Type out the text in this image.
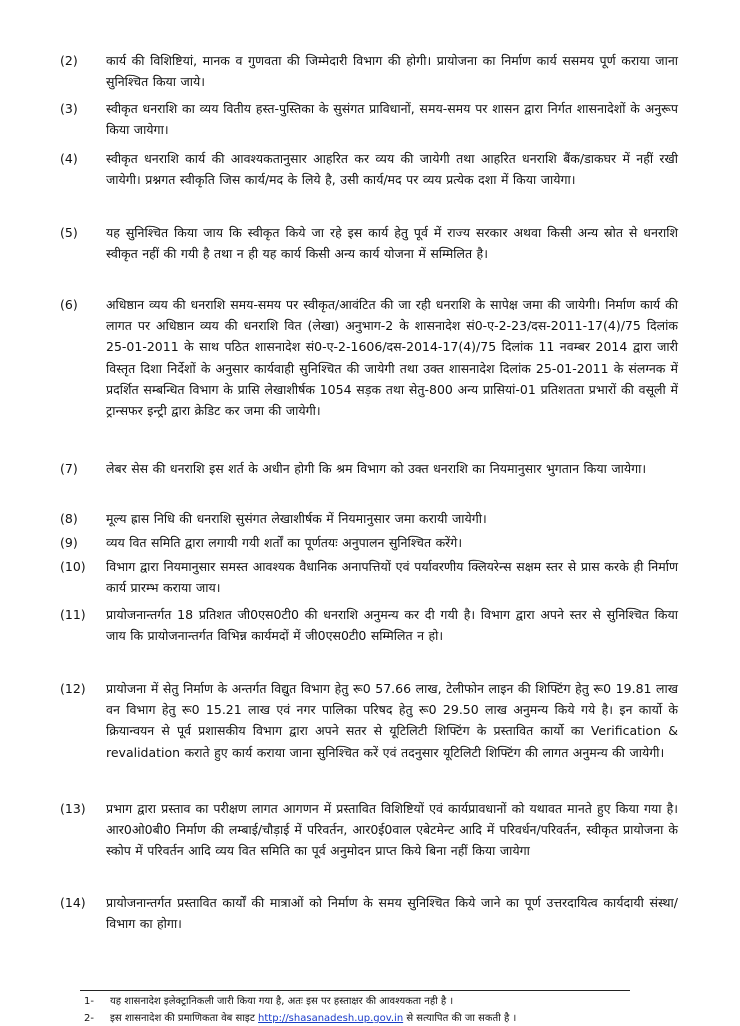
(2)	कार्य की विशिष्टियां, मानक व गुणवता की जिम्मेदारी विभाग की होगी। प्रायोजना का निर्माण कार्य ससमय पूर्ण कराया जाना सुनिश्चित किया जाये।
(3)	स्वीकृत धनराशि का व्यय वितीय हस्त-पुस्तिका के सुसंगत प्राविधानों, समय-समय पर शासन द्वारा निर्गत शासनादेशों के अनुरूप किया जायेगा।
(4)	स्वीकृत धनराशि कार्य की आवश्यकतानुसार आहरित कर व्यय की जायेगी तथा आहरित धनराशि बैंक/डाकघर में नहीं रखी जायेगी। प्रश्नगत स्वीकृति जिस कार्य/मद के लिये है, उसी कार्य/मद पर व्यय प्रत्येक दशा में किया जायेगा।
(5)	यह सुनिश्चित किया जाय कि स्वीकृत किये जा रहे इस कार्य हेतु पूर्व में राज्य सरकार अथवा किसी अन्य स्रोत से धनराशि स्वीकृत नहीं की गयी है तथा न ही यह कार्य किसी अन्य कार्य योजना में सम्मिलित है।
(6)	अधिष्ठान व्यय की धनराशि समय-समय पर स्वीकृत/आवंटित की जा रही धनराशि के सापेक्ष जमा की जायेगी। निर्माण कार्य की लागत पर अधिष्ठान व्यय की धनराशि वित (लेखा) अनुभाग-2 के शासनादेश सं0-ए-2-23/दस-2011-17(4)/75 दिलांक 25-01-2011 के साथ पठित शासनादेश सं0-ए-2-1606/दस-2014-17(4)/75 दिलांक 11 नवम्बर 2014 द्वारा जारी विस्तृत दिशा निर्देशों के अनुसार कार्यवाही सुनिश्चित की जायेगी तथा उक्त शासनादेश दिलांक 25-01-2011 के संलग्नक में प्रदर्शित सम्बन्धित विभाग के प्रासि लेखाशीर्षक 1054 सड़क तथा सेतु-800 अन्य प्रासियां-01 प्रतिशतता प्रभारों की वसूली में ट्रान्सफर इन्ट्री द्वारा क्रेडिट कर जमा की जायेगी।
(7)	लेबर सेस की धनराशि इस शर्त के अधीन होगी कि श्रम विभाग को उक्त धनराशि का नियमानुसार भुगतान किया जायेगा।
(8)	मूल्य ह्रास निधि की धनराशि सुसंगत लेखाशीर्षक में नियमानुसार जमा करायी जायेगी।
(9)	व्यय वित समिति द्वारा लगायी गयी शर्तों का पूर्णतयः अनुपालन सुनिश्चित करेंगे।
(10)	विभाग द्वारा नियमानुसार समस्त आवश्यक वैधानिक अनापत्तियों एवं पर्यावरणीय क्लियरेन्स सक्षम स्तर से प्रास करके ही निर्माण कार्य प्रारम्भ कराया जाय।
(11)	प्रायोजनान्तर्गत 18 प्रतिशत जी0एस0टी0 की धनराशि अनुमन्य कर दी गयी है। विभाग द्वारा अपने स्तर से सुनिश्चित किया जाय कि प्रायोजनान्तर्गत विभिन्न कार्यमदों में जी0एस0टी0 सम्मिलित न हो।
(12)	प्रायोजना में सेतु निर्माण के अन्तर्गत विद्युत विभाग हेतु रू0 57.66 लाख, टेलीफोन लाइन की शिफ्टिंग हेतु रू0 19.81 लाख वन विभाग हेतु रू0 15.21 लाख एवं नगर पालिका परिषद हेतु रू0 29.50 लाख अनुमन्य किये गये है। इन कार्यो के क्रियान्वयन से पूर्व प्रशासकीय विभाग द्वारा अपने सतर से यूटिलिटी शिफ्टिंग के प्रस्तावित कार्यो का Verification & revalidation कराते हुए कार्य कराया जाना सुनिश्चित करें एवं तदनुसार यूटिलिटी शिफ्टिंग की लागत अनुमन्य की जायेगी।
(13)	प्रभाग द्वारा प्रस्ताव का परीक्षण लागत आगणन में प्रस्तावित विशिष्टियों एवं कार्यप्रावधानों को यथावत मानते हुए किया गया है। आर0ओ0बी0 निर्माण की लम्बाई/चौड़ाई में परिवर्तन, आर0ई0वाल एबेटमेन्ट आदि में परिवर्धन/परिवर्तन, स्वीकृत प्रायोजना के स्कोप में परिवर्तन आदि व्यय वित समिति का पूर्व अनुमोदन प्राप्त किये बिना नहीं किया जायेगा
(14)	प्रायोजनान्तर्गत प्रस्तावित कार्यों की मात्राओं को निर्माण के समय सुनिश्चित किये जाने का पूर्ण उत्तरदायित्व कार्यदायी संस्था/ विभाग का होगा।
1-	यह शासनादेश इलेक्ट्रानिकली जारी किया गया है, अतः इस पर हस्ताक्षर की आवश्यकता नही है ।
2-	इस शासनादेश की प्रमाणिकता वेब साइट
http://shasanadesh.up.gov.in
से सत्यापित की जा सकती है ।
